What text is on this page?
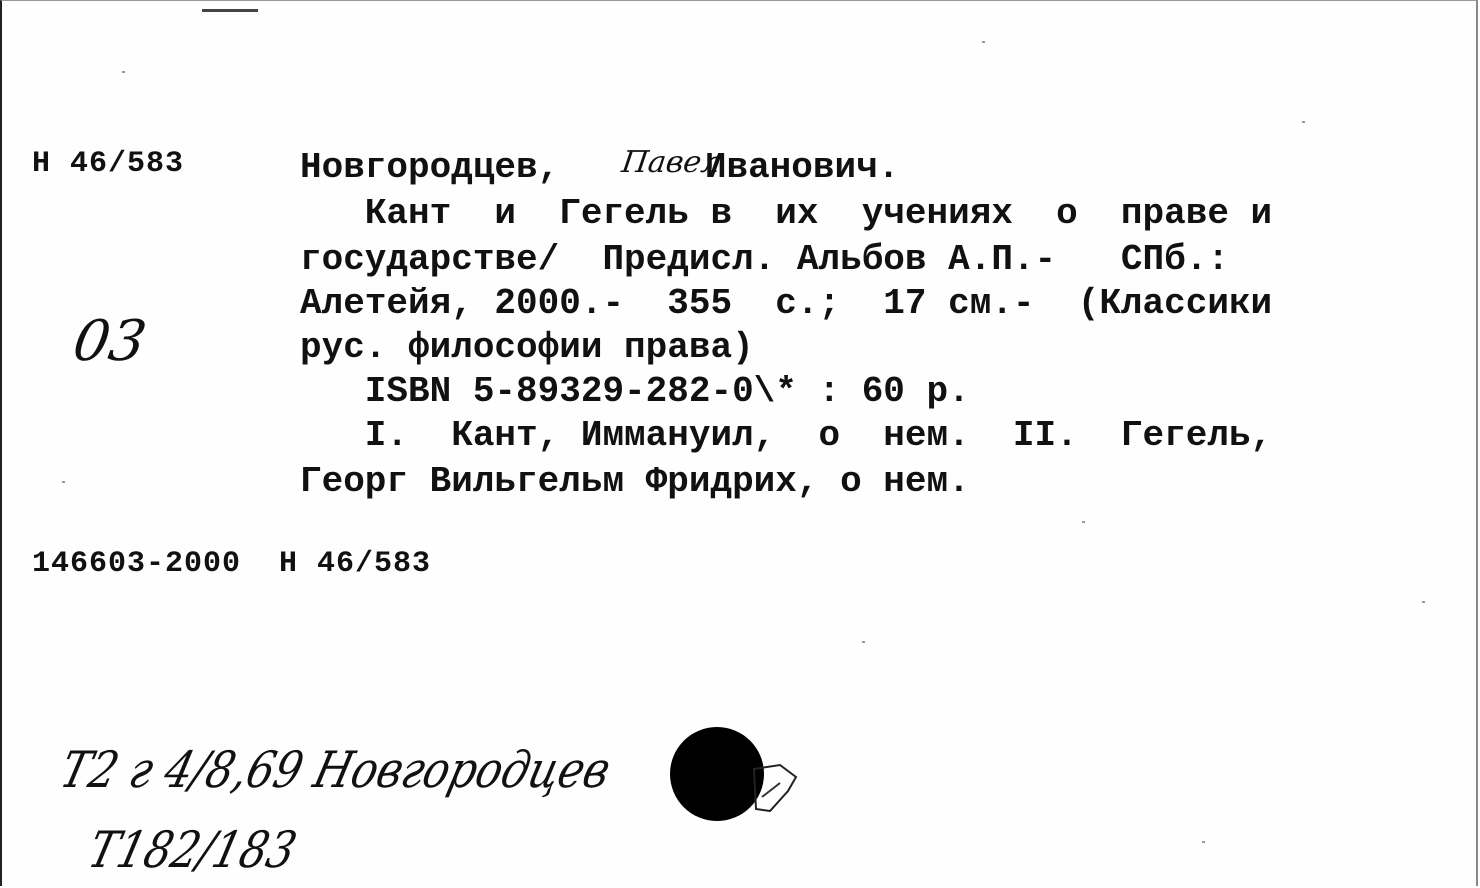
Н 46/583
03
Новгородцев,	Иванович.
Павел
Кант  и  Гегель в  их  учениях  о  праве и
государстве/  Предисл. Альбов А.П.-   СПб.:
Алетейя, 2000.-  355  с.;  17 см.-  (Классики
рус. философии права)
ISBN 5-89329-282-0\* : 60 р.
I.  Кант, Иммануил,  о  нем.  II.  Гегель,
Георг Вильгельм Фридрих, о нем.
146603-2000  Н 46/583
Т2 г 4/8,69 Новгородцев
Т182/183
